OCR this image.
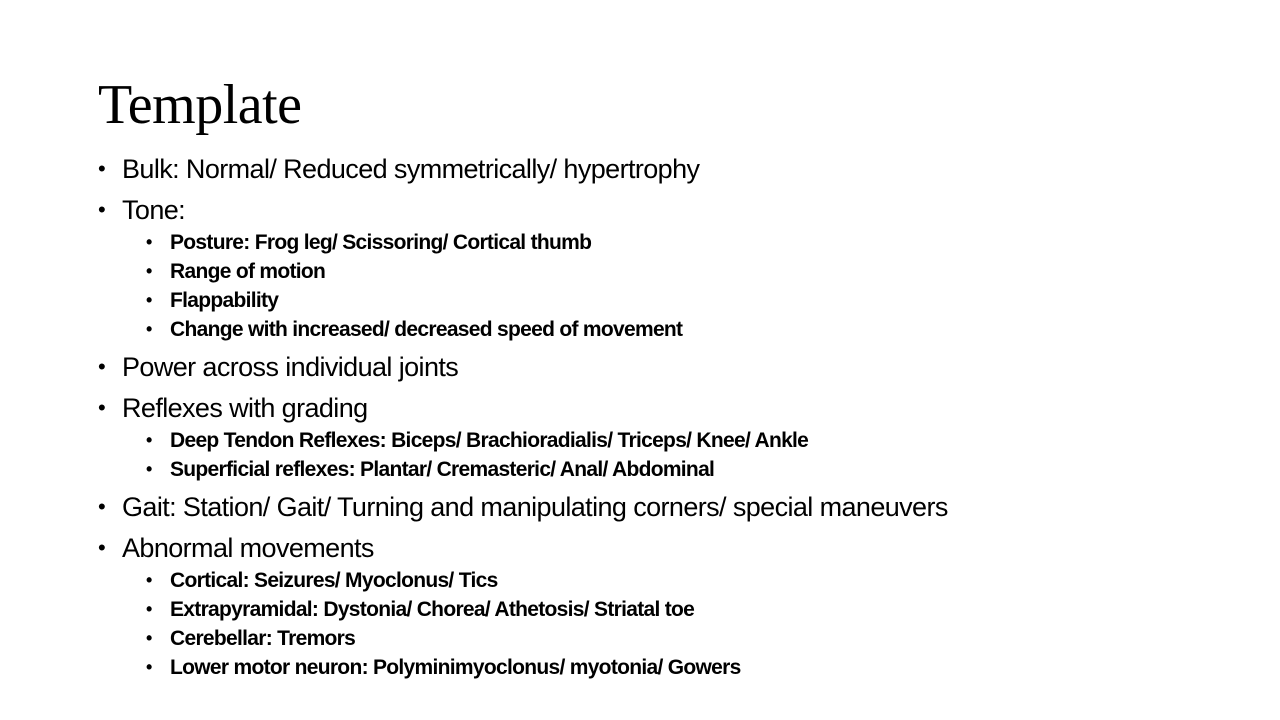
Template
• Bulk: Normal/ Reduced symmetrically/ hypertrophy
• Tone:
• Posture: Frog leg/ Scissoring/ Cortical thumb
• Range of motion
• Flappability
• Change with increased/ decreased speed of movement
• Power across individual joints
• Reflexes with grading
• Deep Tendon Reflexes: Biceps/ Brachioradialis/ Triceps/ Knee/ Ankle
• Superficial reflexes: Plantar/ Cremasteric/ Anal/ Abdominal
• Gait: Station/ Gait/ Turning and manipulating corners/ special maneuvers
• Abnormal movements
• Cortical: Seizures/ Myoclonus/ Tics
• Extrapyramidal: Dystonia/ Chorea/ Athetosis/ Striatal toe
• Cerebellar: Tremors
• Lower motor neuron: Polyminimyoclonus/ myotonia/ Gowers
